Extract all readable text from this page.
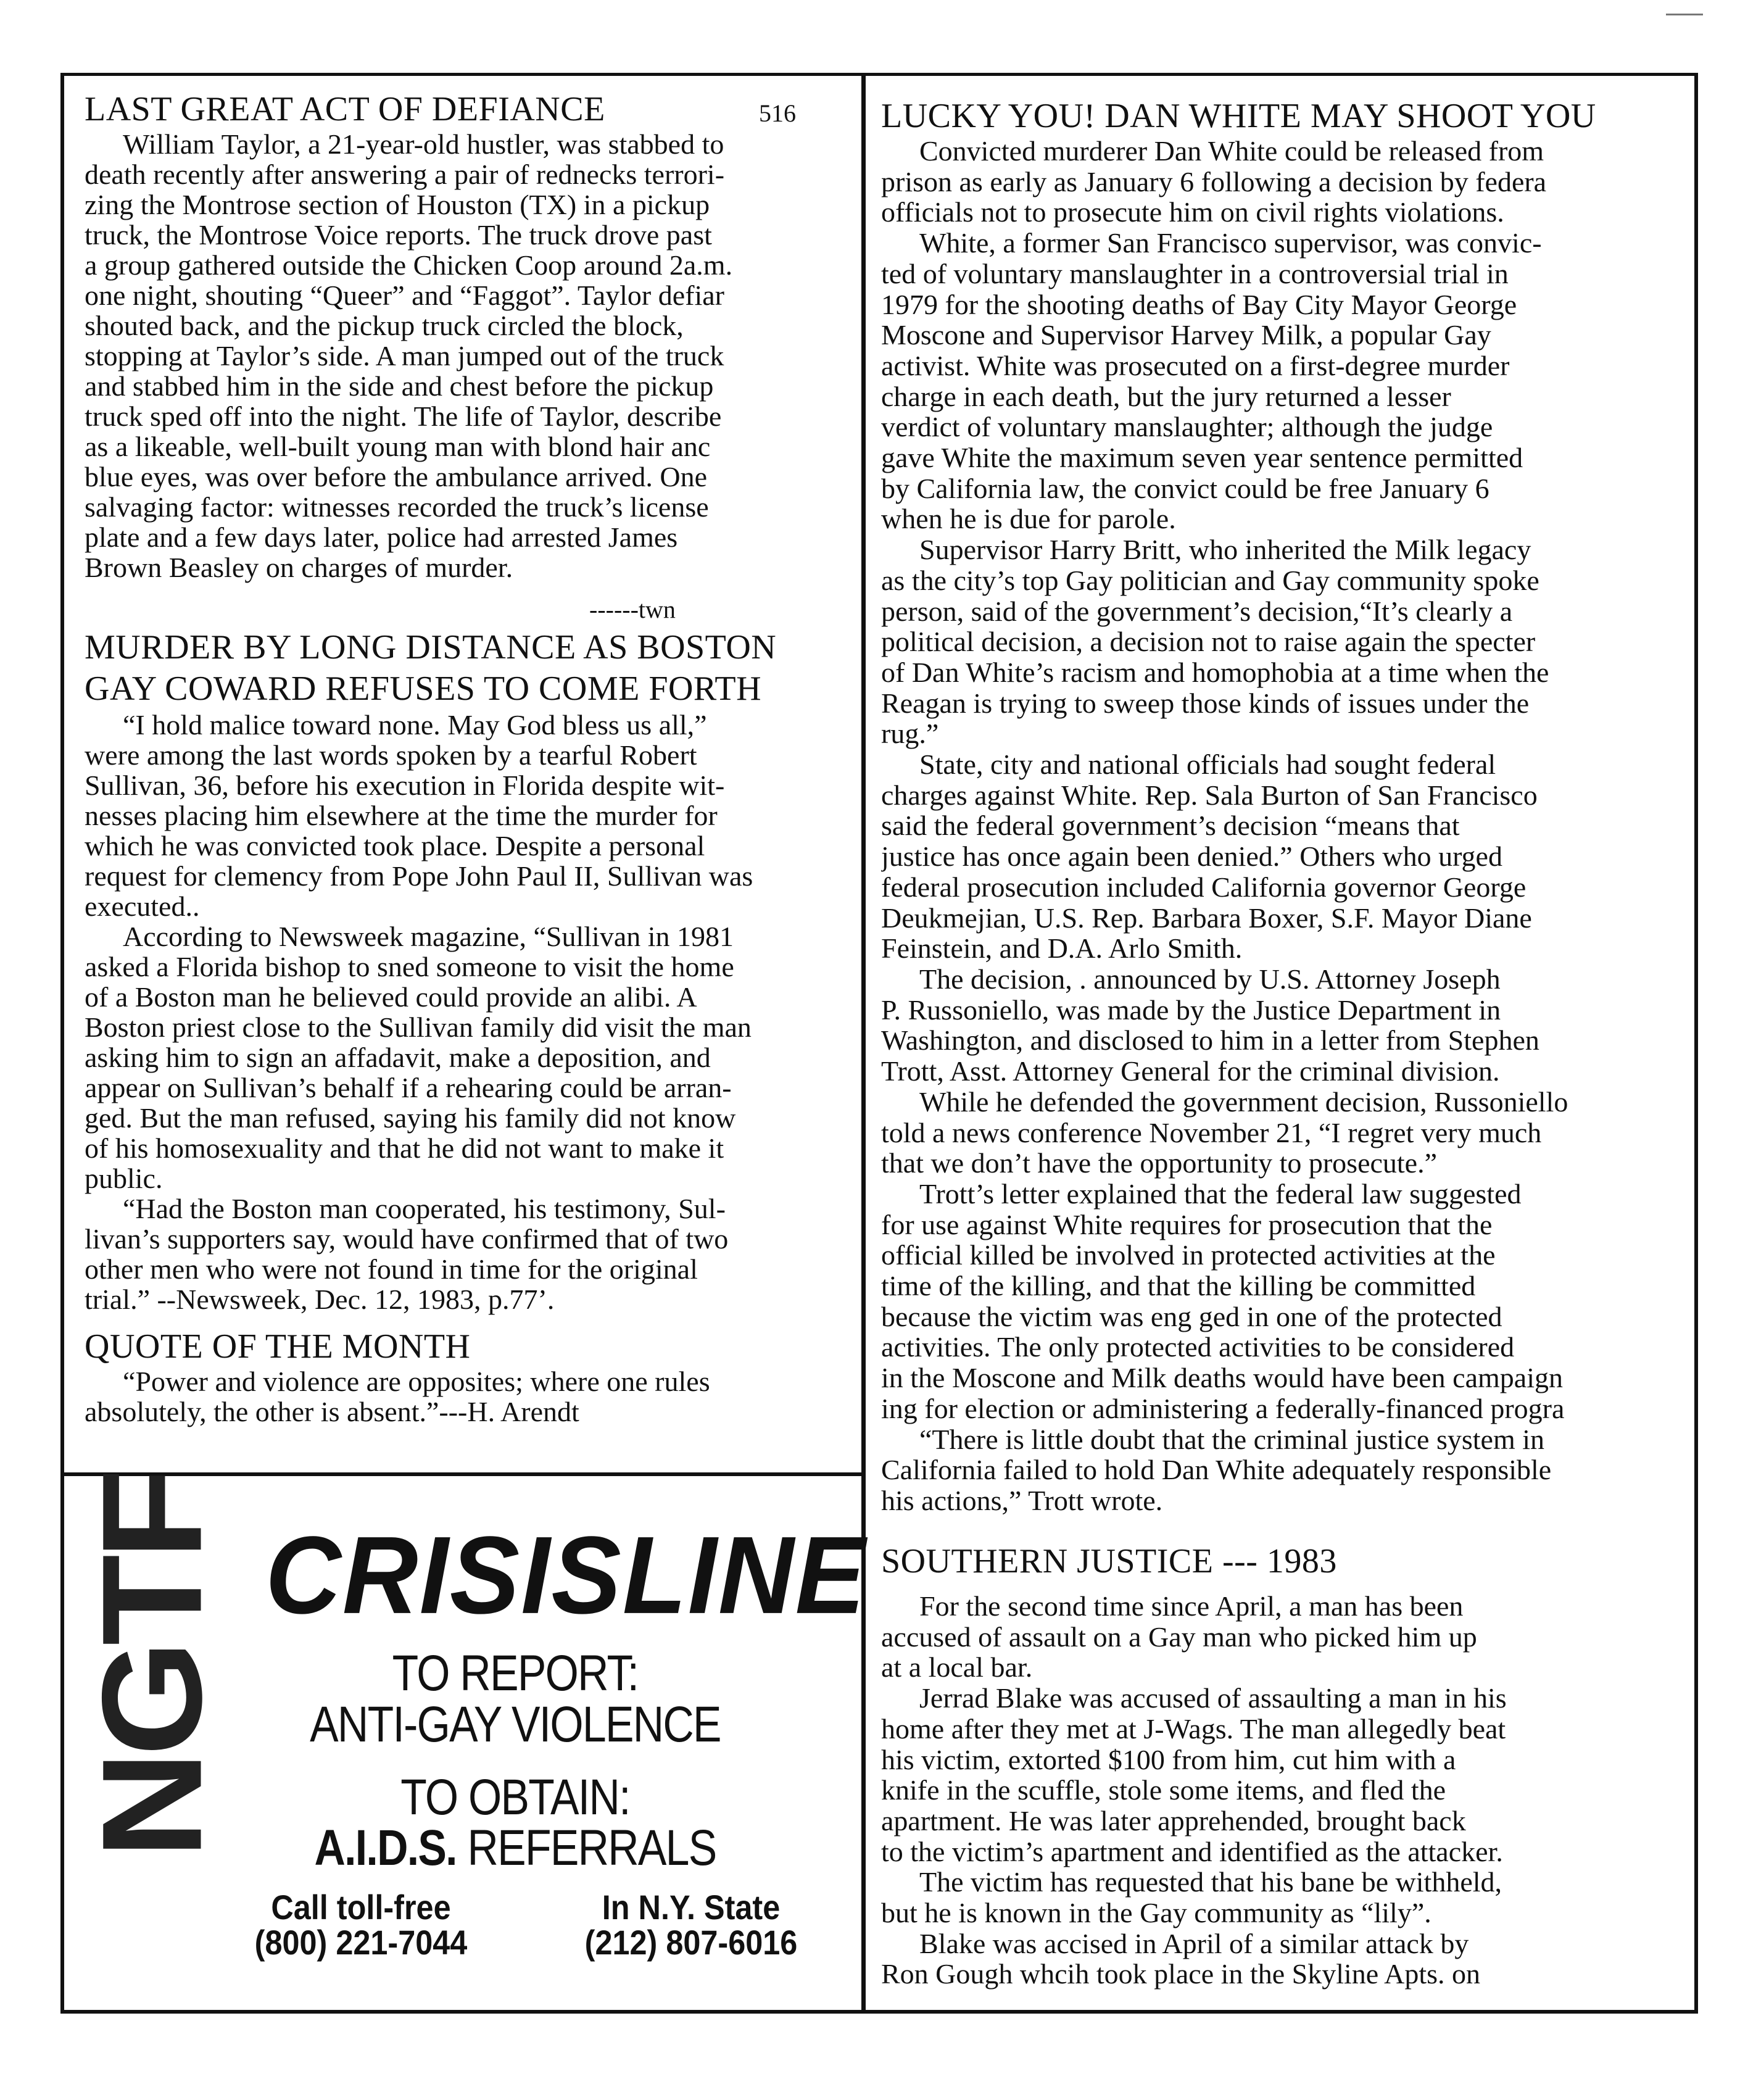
516
LAST GREAT ACT OF DEFIANCE
William Taylor, a 21-year-old hustler, was stabbed to
death recently after answering a pair of rednecks terrori-
zing the Montrose section of Houston (TX) in a pickup
truck, the Montrose Voice reports. The truck drove past
a group gathered outside the Chicken Coop around 2a.m.
one night, shouting “Queer” and “Faggot”. Taylor defiar
shouted back, and the pickup truck circled the block,
stopping at Taylor’s side. A man jumped out of the truck
and stabbed him in the side and chest before the pickup
truck sped off into the night. The life of Taylor, describe
as a likeable, well-built young man with blond hair anc
blue eyes, was over before the ambulance arrived. One
salvaging factor: witnesses recorded the truck’s license
plate and a few days later, police had arrested James
Brown Beasley on charges of murder.
------twn
MURDER BY LONG DISTANCE AS BOSTON
GAY COWARD REFUSES TO COME FORTH
“I hold malice toward none. May God bless us all,”
were among the last words spoken by a tearful Robert
Sullivan, 36, before his execution in Florida despite wit-
nesses placing him elsewhere at the time the murder for
which he was convicted took place. Despite a personal
request for clemency from Pope John Paul II, Sullivan was
executed..
According to Newsweek magazine, “Sullivan in 1981
asked a Florida bishop to sned someone to visit the home
of a Boston man he believed could provide an alibi. A
Boston priest close to the Sullivan family did visit the man
asking him to sign an affadavit, make a deposition, and
appear on Sullivan’s behalf if a rehearing could be arran-
ged. But the man refused, saying his family did not know
of his homosexuality and that he did not want to make it
public.
“Had the Boston man cooperated, his testimony, Sul-
livan’s supporters say, would have confirmed that of two
other men who were not found in time for the original
trial.” --Newsweek, Dec. 12, 1983, p.77’.
QUOTE OF THE MONTH
“Power and violence are opposites; where one rules
absolutely, the other is absent.”---H. Arendt
LUCKY YOU! DAN WHITE MAY SHOOT YOU
Convicted murderer Dan White could be released from
prison as early as January 6 following a decision by federa
officials not to prosecute him on civil rights violations.
White, a former San Francisco supervisor, was convic-
ted of voluntary manslaughter in a controversial trial in
1979 for the shooting deaths of Bay City Mayor George
Moscone and Supervisor Harvey Milk, a popular Gay
activist. White was prosecuted on a first-degree murder
charge in each death, but the jury returned a lesser
verdict of voluntary manslaughter; although the judge
gave White the maximum seven year sentence permitted
by California law, the convict could be free January 6
when he is due for parole.
Supervisor Harry Britt, who inherited the Milk legacy
as the city’s top Gay politician and Gay community spoke
person, said of the government’s decision,“It’s clearly a
political decision, a decision not to raise again the specter
of Dan White’s racism and homophobia at a time when the
Reagan is trying to sweep those kinds of issues under the
rug.”
State, city and national officials had sought federal
charges against White. Rep. Sala Burton of San Francisco
said the federal government’s decision “means that
justice has once again been denied.” Others who urged
federal prosecution included California governor George
Deukmejian, U.S. Rep. Barbara Boxer, S.F. Mayor Diane
Feinstein, and D.A. Arlo Smith.
The decision, . announced by U.S. Attorney Joseph
P. Russoniello, was made by the Justice Department in
Washington, and disclosed to him in a letter from Stephen
Trott, Asst. Attorney General for the criminal division.
While he defended the government decision, Russoniello
told a news conference November 21, “I regret very much
that we don’t have the opportunity to prosecute.”
Trott’s letter explained that the federal law suggested
for use against White requires for prosecution that the
official killed be involved in protected activities at the
time of the killing, and that the killing be committed
because the victim was eng ged in one of the protected
activities. The only protected activities to be considered
in the Moscone and Milk deaths would have been campaign
ing for election or administering a federally-financed progra
“There is little doubt that the criminal justice system in
California failed to hold Dan White adequately responsible
his actions,” Trott wrote.
SOUTHERN JUSTICE --- 1983
For the second time since April, a man has been
accused of assault on a Gay man who picked him up
at a local bar.
Jerrad Blake was accused of assaulting a man in his
home after they met at J-Wags. The man allegedly beat
his victim, extorted $100 from him, cut him with a
knife in the scuffle, stole some items, and fled the
apartment. He was later apprehended, brought back
to the victim’s apartment and identified as the attacker.
The victim has requested that his bane be withheld,
but he is known in the Gay community as “lily”.
Blake was accised in April of a similar attack by
Ron Gough whcih took place in the Skyline Apts. on
NGTF CRISISLINE
TO REPORT:
ANTI-GAY VIOLENCE
TO OBTAIN:
A.I.D.S. REFERRALS
Call toll-free
(800) 221-7044
In N.Y. State
(212) 807-6016
